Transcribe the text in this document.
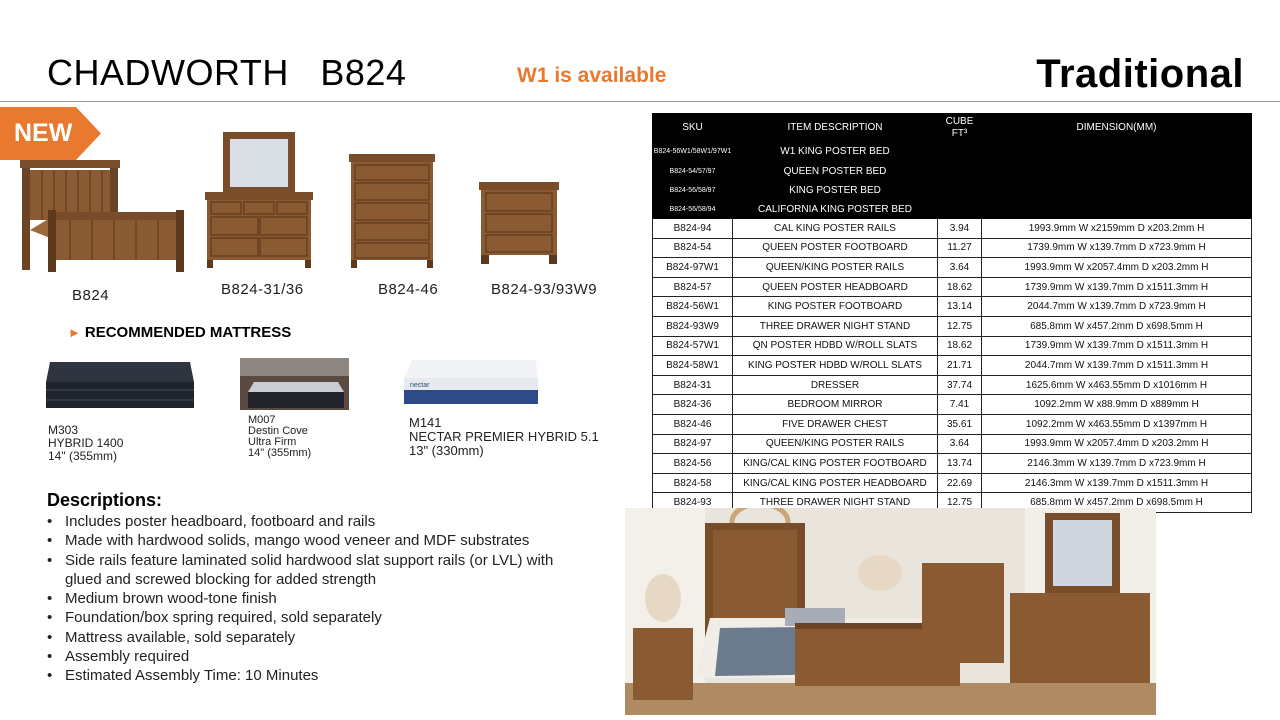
CHADWORTH   B824	W1 is available	Traditional
NEW
B824	B824-31/36	B824-46	B824-93/93W9
► RECOMMENDED MATTRESS
M303
HYBRID 1400
14" (355mm)
M007
Destin Cove
Ultra Firm
14" (355mm)
nectar
M141
NECTAR PREMIER HYBRID 5.1
13" (330mm)
Descriptions:
• Includes poster headboard, footboard and rails
• Made with hardwood solids, mango wood veneer and MDF substrates
• Side rails feature laminated solid hardwood slat support rails (or LVL) with glued and screwed blocking for added strength
• Medium brown wood-tone finish
• Foundation/box spring required, sold separately
• Mattress available, sold separately
• Assembly required
• Estimated Assembly Time: 10 Minutes
SKU	ITEM DESCRIPTION	CUBE FT³	DIMENSION(MM)
B824-56W1/58W1/97W1	W1 KING POSTER BED		
B824-54/57/97	QUEEN POSTER BED		
B824-56/58/97	KING POSTER BED		
B824-56/58/94	CALIFORNIA KING POSTER BED		
B824-94	CAL KING POSTER RAILS	3.94	1993.9mm W x2159mm D x203.2mm H
B824-54	QUEEN POSTER FOOTBOARD	11.27	1739.9mm W x139.7mm D x723.9mm H
B824-97W1	QUEEN/KING POSTER RAILS	3.64	1993.9mm W x2057.4mm D x203.2mm H
B824-57	QUEEN POSTER HEADBOARD	18.62	1739.9mm W x139.7mm D x1511.3mm H
B824-56W1	KING POSTER FOOTBOARD	13.14	2044.7mm W x139.7mm D x723.9mm H
B824-93W9	THREE DRAWER NIGHT STAND	12.75	685.8mm W x457.2mm D x698.5mm H
B824-57W1	QN POSTER HDBD W/ROLL SLATS	18.62	1739.9mm W x139.7mm D x1511.3mm H
B824-58W1	KING POSTER HDBD W/ROLL SLATS	21.71	2044.7mm W x139.7mm D x1511.3mm H
B824-31	DRESSER	37.74	1625.6mm W x463.55mm D x1016mm H
B824-36	BEDROOM MIRROR	7.41	1092.2mm W x88.9mm D x889mm H
B824-46	FIVE DRAWER CHEST	35.61	1092.2mm W x463.55mm D x1397mm H
B824-97	QUEEN/KING POSTER RAILS	3.64	1993.9mm W x2057.4mm D x203.2mm H
B824-56	KING/CAL KING POSTER FOOTBOARD	13.74	2146.3mm W x139.7mm D x723.9mm H
B824-58	KING/CAL KING POSTER HEADBOARD	22.69	2146.3mm W x139.7mm D x1511.3mm H
B824-93	THREE DRAWER NIGHT STAND	12.75	685.8mm W x457.2mm D x698.5mm H
